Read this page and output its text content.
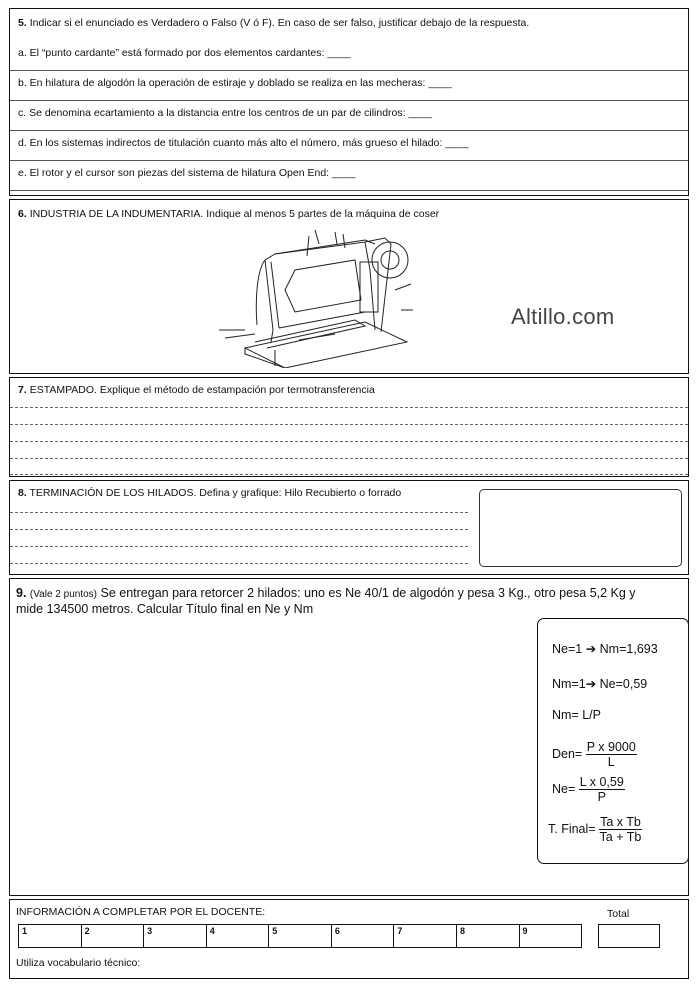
5. Indicar si el enunciado es Verdadero o Falso (V ó F). En caso de ser falso, justificar debajo de la respuesta.
a. El “punto cardante” está formado por dos elementos cardantes: ____
b. En hilatura de algodón la operación de estiraje y doblado se realiza en las mecheras: ____
c. Se denomina ecartamiento a la distancia entre los centros de un par de cilindros: ____
d. En los sistemas indirectos de titulación cuanto más alto el número, más grueso el hilado: ____
e. El rotor y el cursor son piezas del sistema de hilatura Open End: ____
6. INDUSTRIA DE LA INDUMENTARIA. Indique al menos 5 partes de la máquina de coser
Altillo.com
7. ESTAMPADO. Explique el método de estampación por termotransferencia
8. TERMINACIÓN DE LOS HILADOS. Defina y grafique: Hilo Recubierto o forrado
9. (Vale 2 puntos) Se entregan para retorcer 2 hilados: uno es Ne 40/1 de algodón y pesa 3 Kg., otro pesa 5,2 Kg y
mide 134500 metros. Calcular Título final en Ne y Nm
Ne=1 ➔ Nm=1,693
Nm=1➔ Ne=0,59
Nm= L/P
$Den= \frac{\text{P x 9000}}{L}$
$Ne= \frac{\text{L x 0,59}}{P}$
T. Final= $\frac{\text{Ta x Tb}}{Ta + Tb}$
INFORMACIÓN A COMPLETAR POR EL DOCENTE:	Total
1	2	3	4	5	6	7	8	9
Utiliza vocabulario técnico:
